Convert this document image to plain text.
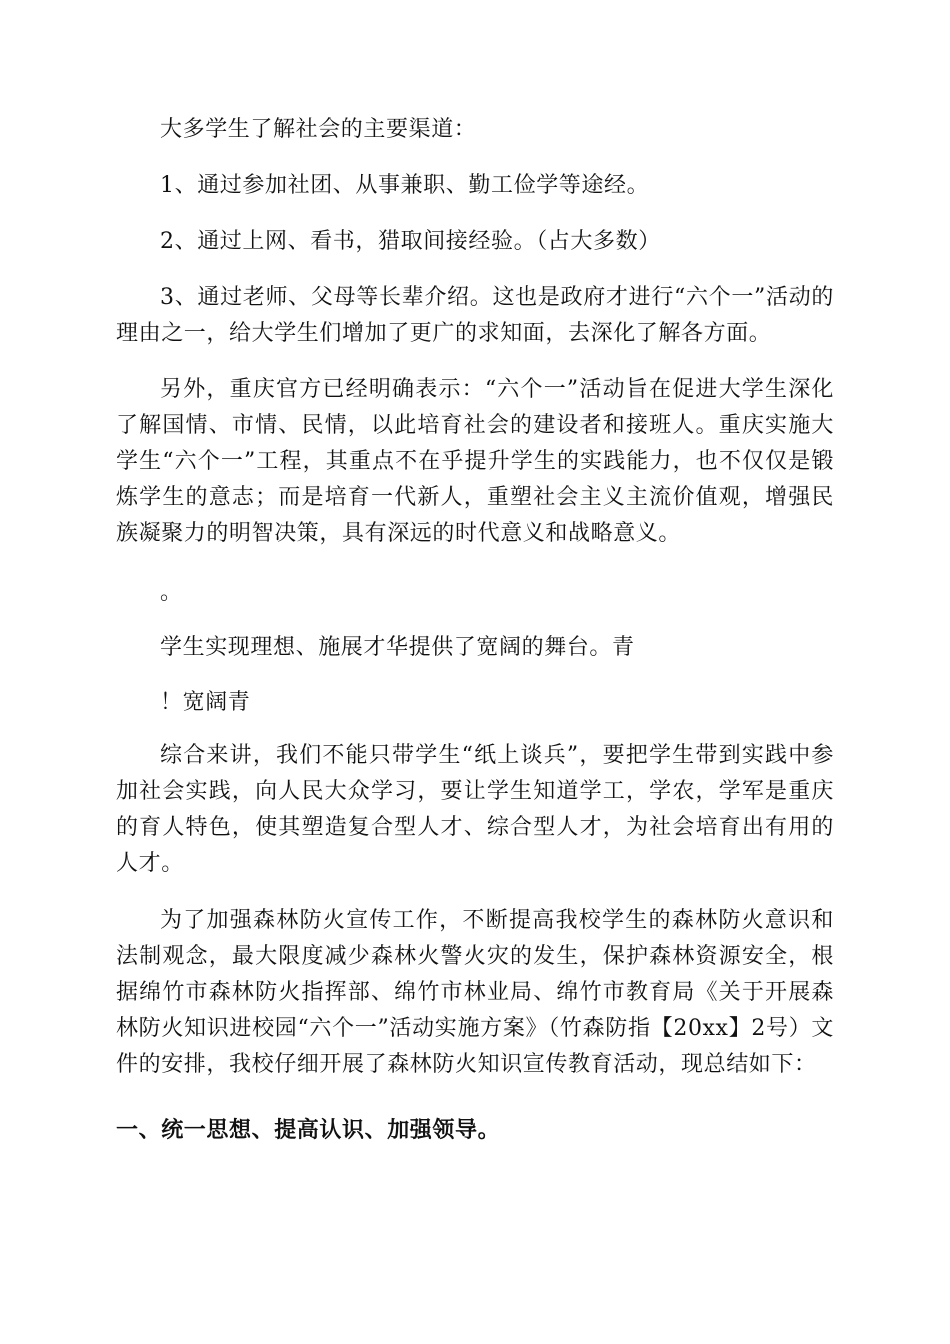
大多学生了解社会的主要渠道：

1、通过参加社团、从事兼职、勤工俭学等途经。

2、通过上网、看书，猎取间接经验。（占大多数）

3、通过老师、父母等长辈介绍。这也是政府才进行“六个一”活动的理由之一，给大学生们增加了更广的求知面，去深化了解各方面。

另外，重庆官方已经明确表示：“六个一”活动旨在促进大学生深化了解国情、市情、民情，以此培育社会的建设者和接班人。重庆实施大学生“六个一”工程，其重点不在乎提升学生的实践能力，也不仅仅是锻炼学生的意志；而是培育一代新人，重塑社会主义主流价值观，增强民族凝聚力的明智决策，具有深远的时代意义和战略意义。

。

学生实现理想、施展才华提供了宽阔的舞台。青

！宽阔青

综合来讲，我们不能只带学生“纸上谈兵”，要把学生带到实践中参加社会实践，向人民大众学习，要让学生知道学工，学农，学军是重庆的育人特色，使其塑造复合型人才、综合型人才，为社会培育出有用的人才。

为了加强森林防火宣传工作，不断提高我校学生的森林防火意识和法制观念，最大限度减少森林火警火灾的发生，保护森林资源安全，根据绵竹市森林防火指挥部、绵竹市林业局、绵竹市教育局《关于开展森林防火知识进校园“六个一”活动实施方案》（竹森防指【20xx】2号）文件的安排，我校仔细开展了森林防火知识宣传教育活动，现总结如下：

一、统一思想、提高认识、加强领导。
